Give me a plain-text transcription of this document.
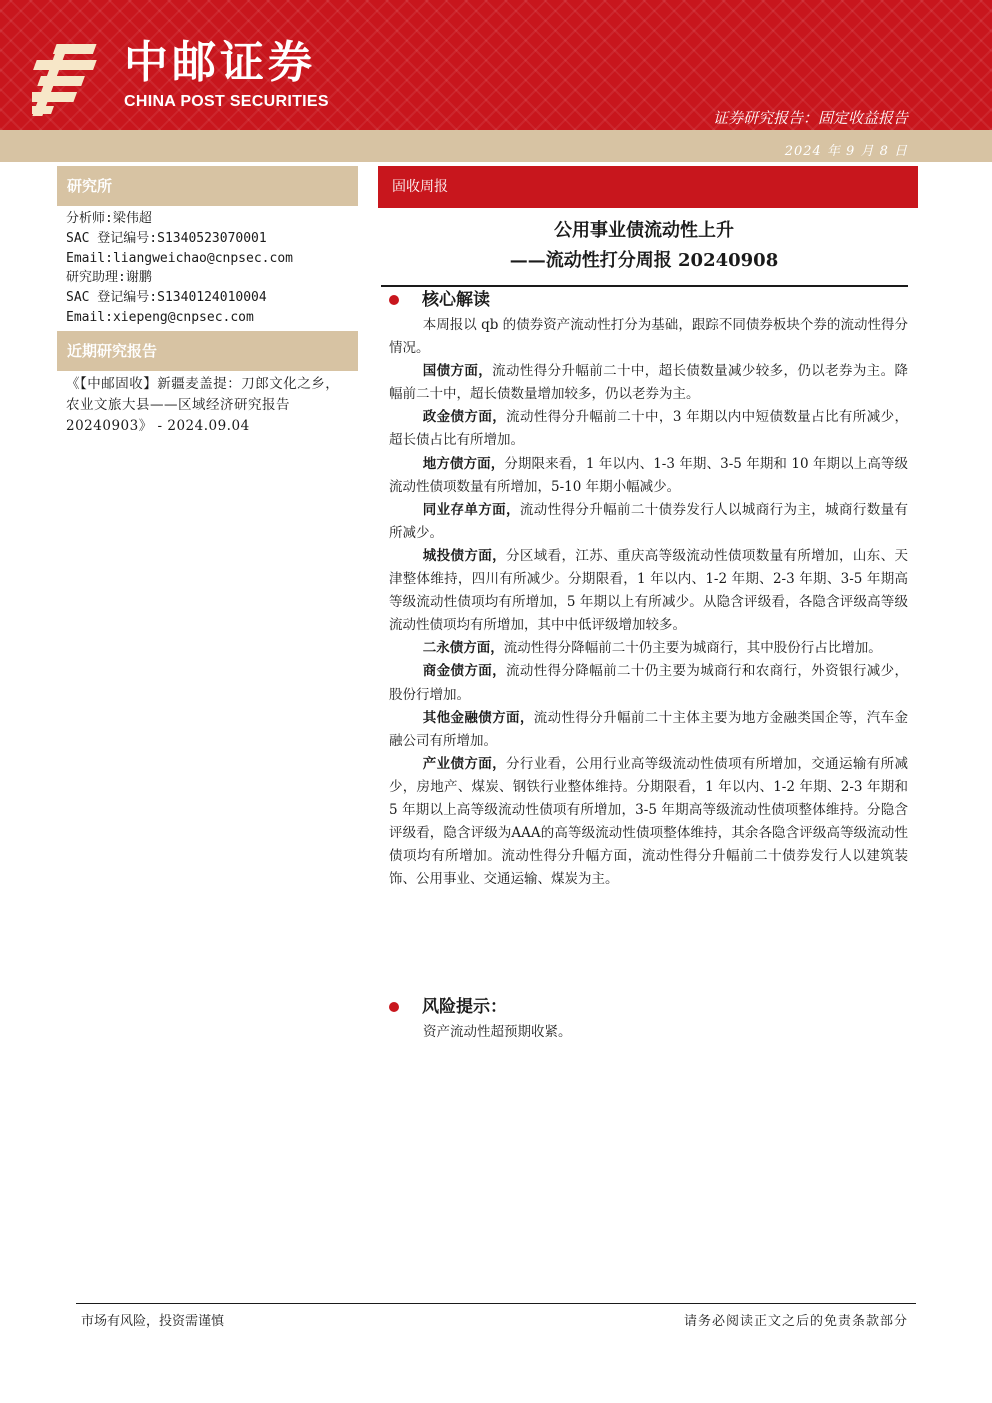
中邮证券
CHINA POST SECURITIES
证券研究报告：固定收益报告
2024 年 9 月 8 日
研究所
分析师:梁伟超
SAC 登记编号:S1340523070001
Email:liangweichao@cnpsec.com
研究助理:谢鹏
SAC 登记编号:S1340124010004
Email:xiepeng@cnpsec.com
近期研究报告
《【中邮固收】新疆麦盖提：刀郎文化之乡，农业文旅大县——区域经济研究报告 20240903》 - 2024.09.04
固收周报
公用事业债流动性上升
——流动性打分周报 20240908
核心解读

本周报以 qb 的债券资产流动性打分为基础，跟踪不同债券板块个券的流动性得分情况。

国债方面，流动性得分升幅前二十中，超长债数量减少较多，仍以老券为主。降幅前二十中，超长债数量增加较多，仍以老券为主。

政金债方面，流动性得分升幅前二十中，3 年期以内中短债数量占比有所减少，超长债占比有所增加。

地方债方面，分期限来看，1 年以内、1-3 年期、3-5 年期和 10 年期以上高等级流动性债项数量有所增加，5-10 年期小幅减少。

同业存单方面，流动性得分升幅前二十债券发行人以城商行为主，城商行数量有所减少。

城投债方面，分区域看，江苏、重庆高等级流动性债项数量有所增加，山东、天津整体维持，四川有所减少。分期限看，1 年以内、1-2 年期、2-3 年期、3-5 年期高等级流动性债项均有所增加，5 年期以上有所减少。从隐含评级看，各隐含评级高等级流动性债项均有所增加，其中中低评级增加较多。

二永债方面，流动性得分降幅前二十仍主要为城商行，其中股份行占比增加。

商金债方面，流动性得分降幅前二十仍主要为城商行和农商行，外资银行减少，股份行增加。

其他金融债方面，流动性得分升幅前二十主体主要为地方金融类国企等，汽车金融公司有所增加。

产业债方面，分行业看，公用行业高等级流动性债项有所增加，交通运输有所减少，房地产、煤炭、钢铁行业整体维持。分期限看，1 年以内、1-2 年期、2-3 年期和 5 年期以上高等级流动性债项有所增加，3-5 年期高等级流动性债项整体维持。分隐含评级看，隐含评级为AAA的高等级流动性债项整体维持，其余各隐含评级高等级流动性债项均有所增加。流动性得分升幅方面，流动性得分升幅前二十债券发行人以建筑装饰、公用事业、交通运输、煤炭为主。

风险提示：
资产流动性超预期收紧。
市场有风险，投资需谨慎	请务必阅读正文之后的免责条款部分
